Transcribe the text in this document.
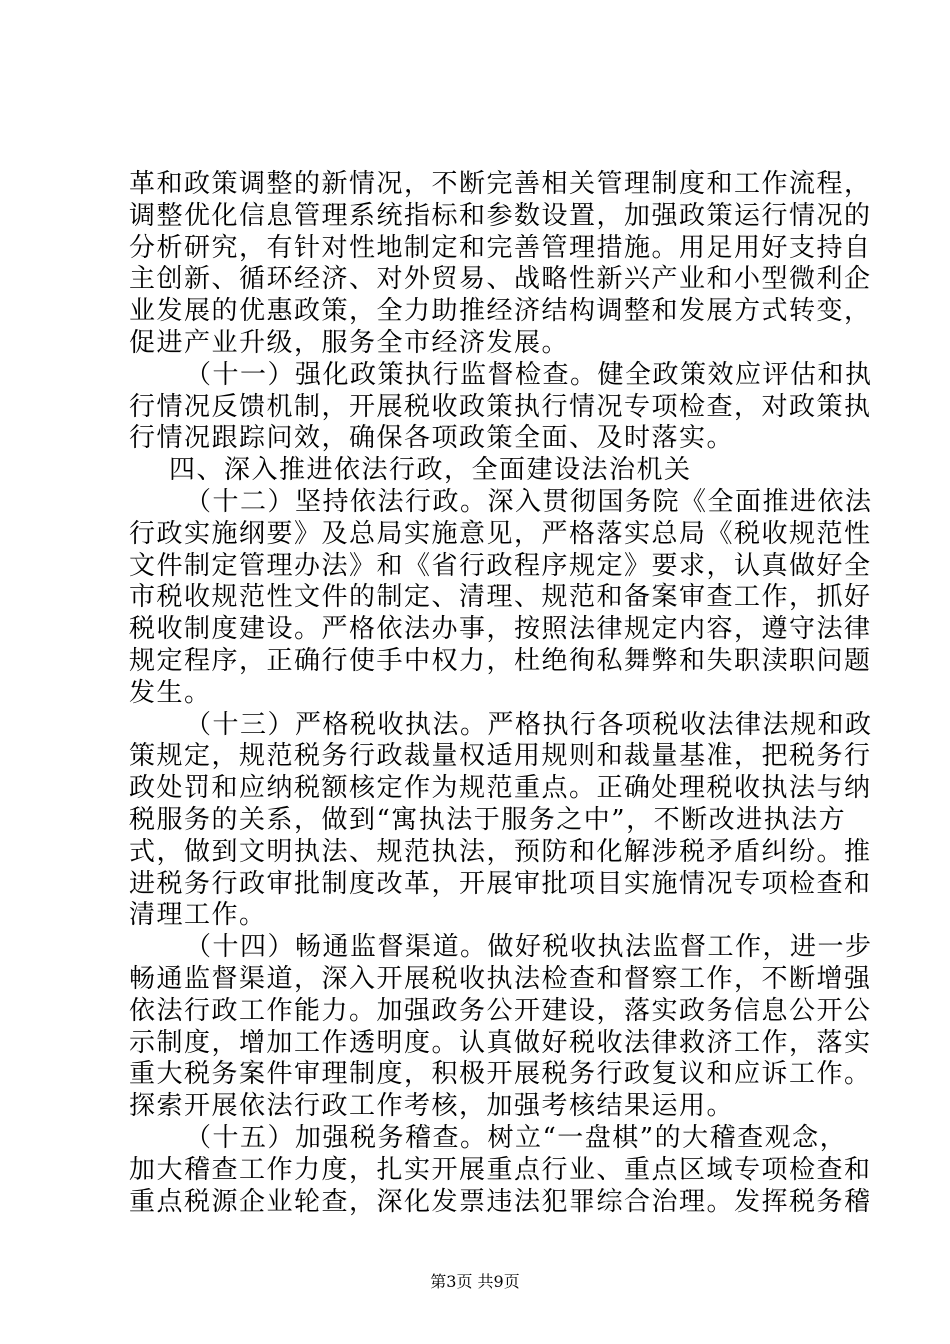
革和政策调整的新情况，不断完善相关管理制度和工作流程，
调整优化信息管理系统指标和参数设置，加强政策运行情况的
分析研究，有针对性地制定和完善管理措施。用足用好支持自
主创新、循环经济、对外贸易、战略性新兴产业和小型微利企
业发展的优惠政策，全力助推经济结构调整和发展方式转变，
促进产业升级，服务全市经济发展。
（十一）强化政策执行监督检查。健全政策效应评估和执
行情况反馈机制，开展税收政策执行情况专项检查，对政策执
行情况跟踪问效，确保各项政策全面、及时落实。
四、深入推进依法行政，全面建设法治机关
（十二）坚持依法行政。深入贯彻国务院《全面推进依法
行政实施纲要》及总局实施意见，严格落实总局《税收规范性
文件制定管理办法》和《省行政程序规定》要求，认真做好全
市税收规范性文件的制定、清理、规范和备案审查工作，抓好
税收制度建设。严格依法办事，按照法律规定内容，遵守法律
规定程序，正确行使手中权力，杜绝徇私舞弊和失职渎职问题
发生。
（十三）严格税收执法。严格执行各项税收法律法规和政
策规定，规范税务行政裁量权适用规则和裁量基准，把税务行
政处罚和应纳税额核定作为规范重点。正确处理税收执法与纳
税服务的关系，做到“寓执法于服务之中”，不断改进执法方
式，做到文明执法、规范执法，预防和化解涉税矛盾纠纷。推
进税务行政审批制度改革，开展审批项目实施情况专项检查和
清理工作。
（十四）畅通监督渠道。做好税收执法监督工作，进一步
畅通监督渠道，深入开展税收执法检查和督察工作，不断增强
依法行政工作能力。加强政务公开建设，落实政务信息公开公
示制度，增加工作透明度。认真做好税收法律救济工作，落实
重大税务案件审理制度，积极开展税务行政复议和应诉工作。
探索开展依法行政工作考核，加强考核结果运用。
（十五）加强税务稽查。树立“一盘棋”的大稽查观念，
加大稽查工作力度，扎实开展重点行业、重点区域专项检查和
重点税源企业轮查，深化发票违法犯罪综合治理。发挥税务稽
第3页 共9页
